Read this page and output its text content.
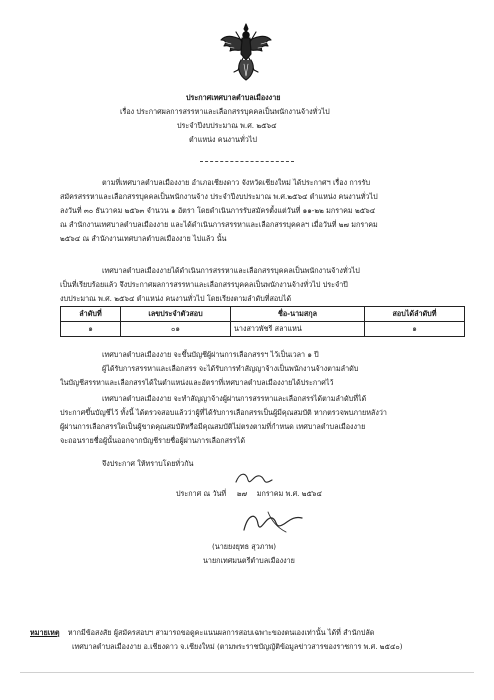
ประกาศเทศบาลตำบลเมืองงาย
เรื่อง ประกาศผลการสรรหาและเลือกสรรบุคคลเป็นพนักงานจ้างทั่วไป
ประจำปีงบประมาณ พ.ศ. ๒๕๖๔
ตำแหน่ง คนงานทั่วไป
ตามที่เทศบาลตำบลเมืองงาย อำเภอเชียงดาว จังหวัดเชียงใหม่ ได้ประกาศฯ เรื่อง การรับ
สมัครสรรหาและเลือกสรรบุคคลเป็นพนักงานจ้าง ประจำปีงบประมาณ พ.ศ.๒๕๖๔ ตำแหน่ง คนงานทั่วไป
ลงวันที่ ๓๐ ธันวาคม ๒๕๖๓ จำนวน ๑ อัตรา โดยดำเนินการรับสมัครตั้งแต่วันที่ ๑๑-๒๒ มกราคม ๒๕๖๔
ณ สำนักงานเทศบาลตำบลเมืองงาย และได้ดำเนินการสรรหาและเลือกสรรบุคคลฯ เมื่อวันที่ ๒๗ มกราคม
๒๕๖๔ ณ สำนักงานเทศบาลตำบลเมืองงาย ไปแล้ว นั้น
เทศบาลตำบลเมืองงายได้ดำเนินการสรรหาและเลือกสรรบุคคลเป็นพนักงานจ้างทั่วไป
เป็นที่เรียบร้อยแล้ว จึงประกาศผลการสรรหาและเลือกสรรบุคคลเป็นพนักงานจ้างทั่วไป ประจำปี
งบประมาณ พ.ศ. ๒๕๖๔ ตำแหน่ง คนงานทั่วไป โดยเรียงตามลำดับที่สอบได้
ลำดับที่	เลขประจำตัวสอบ	ชื่อ-นามสกุล	สอบได้ลำดับที่
๑	๐๑	นางสาวพัชรี สลาแหน่	๑
เทศบาลตำบลเมืองงาย จะขึ้นบัญชีผู้ผ่านการเลือกสรรฯ ไว้เป็นเวลา ๑ ปี
ผู้ได้รับการสรรหาและเลือกสรร จะได้รับการทำสัญญาจ้างเป็นพนักงานจ้างตามลำดับ
ในบัญชีสรรหาและเลือกสรรได้ในตำแหน่งและอัตราที่เทศบาลตำบลเมืองงายได้ประกาศไว้
เทศบาลตำบลเมืองงาย จะทำสัญญาจ้างผู้ผ่านการสรรหาและเลือกสรรได้ตามลำดับที่ได้
ประกาศขึ้นบัญชีไว้ ทั้งนี้ ได้ตรวจสอบแล้วว่าผู้ที่ได้รับการเลือกสรรเป็นผู้มีคุณสมบัติ หากตรวจพบภายหลังว่า
ผู้ผ่านการเลือกสรรใดเป็นผู้ขาดคุณสมบัติหรือมีคุณสมบัติไม่ตรงตามที่กำหนด เทศบาลตำบลเมืองงาย
จะถอนรายชื่อผู้นั้นออกจากบัญชีรายชื่อผู้ผ่านการเลือกสรรได้
จึงประกาศ ให้ทราบโดยทั่วกัน
ประกาศ ณ วันที่ ๒๗ มกราคม พ.ศ. ๒๕๖๔
(นายยงยุทธ สุวภาพ)
นายกเทศมนตรีตำบลเมืองงาย
หมายเหตุ หากมีข้อสงสัย ผู้สมัครสอบฯ สามารถขอดูคะแนนผลการสอบเฉพาะของตนเองเท่านั้น ได้ที่ สำนักปลัด
เทศบาลตำบลเมืองงาย อ.เชียงดาว จ.เชียงใหม่ (ตามพระราชบัญญัติข้อมูลข่าวสารของราชการ พ.ศ. ๒๕๔๐)
